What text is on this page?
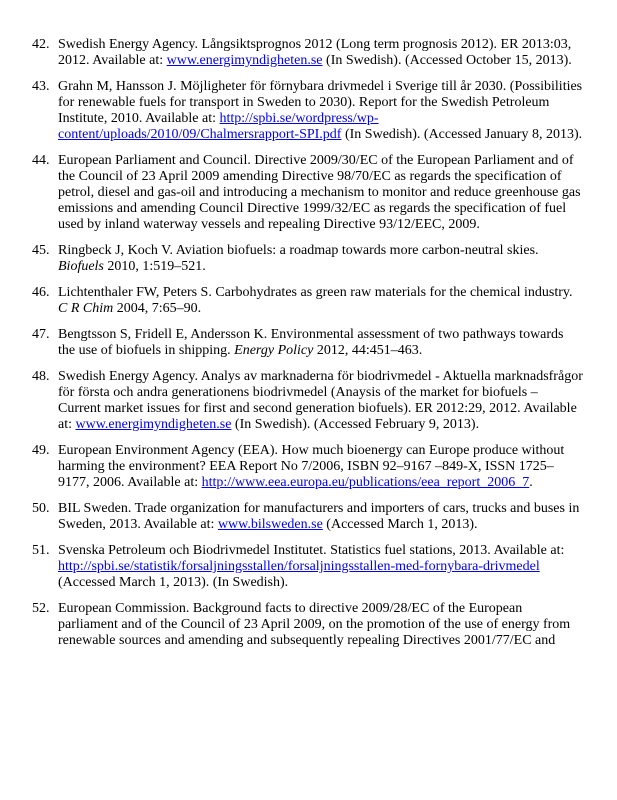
42. Swedish Energy Agency. Långsiktsprognos 2012 (Long term prognosis 2012). ER 2013:03, 2012. Available at: www.energimyndigheten.se (In Swedish). (Accessed October 15, 2013).
43. Grahn M, Hansson J. Möjligheter för förnybara drivmedel i Sverige till år 2030. (Possibilities for renewable fuels for transport in Sweden to 2030). Report for the Swedish Petroleum Institute, 2010. Available at: http://spbi.se/wordpress/wp-content/uploads/2010/09/Chalmersrapport-SPI.pdf (In Swedish). (Accessed January 8, 2013).
44. European Parliament and Council. Directive 2009/30/EC of the European Parliament and of the Council of 23 April 2009 amending Directive 98/70/EC as regards the specification of petrol, diesel and gas-oil and introducing a mechanism to monitor and reduce greenhouse gas emissions and amending Council Directive 1999/32/EC as regards the specification of fuel used by inland waterway vessels and repealing Directive 93/12/EEC, 2009.
45. Ringbeck J, Koch V. Aviation biofuels: a roadmap towards more carbon-neutral skies. Biofuels 2010, 1:519–521.
46. Lichtenthaler FW, Peters S. Carbohydrates as green raw materials for the chemical industry. C R Chim 2004, 7:65–90.
47. Bengtsson S, Fridell E, Andersson K. Environmental assessment of two pathways towards the use of biofuels in shipping. Energy Policy 2012, 44:451–463.
48. Swedish Energy Agency. Analys av marknaderna för biodrivmedel - Aktuella marknadsfrågor för första och andra generationens biodrivmedel (Anaysis of the market for biofuels – Current market issues for first and second generation biofuels). ER 2012:29, 2012. Available at: www.energimyndigheten.se (In Swedish). (Accessed February 9, 2013).
49. European Environment Agency (EEA). How much bioenergy can Europe produce without harming the environment? EEA Report No 7/2006, ISBN 92–9167 –849-X, ISSN 1725–9177, 2006. Available at: http://www.eea.europa.eu/publications/eea_report_2006_7.
50. BIL Sweden. Trade organization for manufacturers and importers of cars, trucks and buses in Sweden, 2013. Available at: www.bilsweden.se (Accessed March 1, 2013).
51. Svenska Petroleum och Biodrivmedel Institutet. Statistics fuel stations, 2013. Available at: http://spbi.se/statistik/forsaljningsstallen/forsaljningsstallen-med-fornybara-drivmedel (Accessed March 1, 2013). (In Swedish).
52. European Commission. Background facts to directive 2009/28/EC of the European parliament and of the Council of 23 April 2009, on the promotion of the use of energy from renewable sources and amending and subsequently repealing Directives 2001/77/EC and
